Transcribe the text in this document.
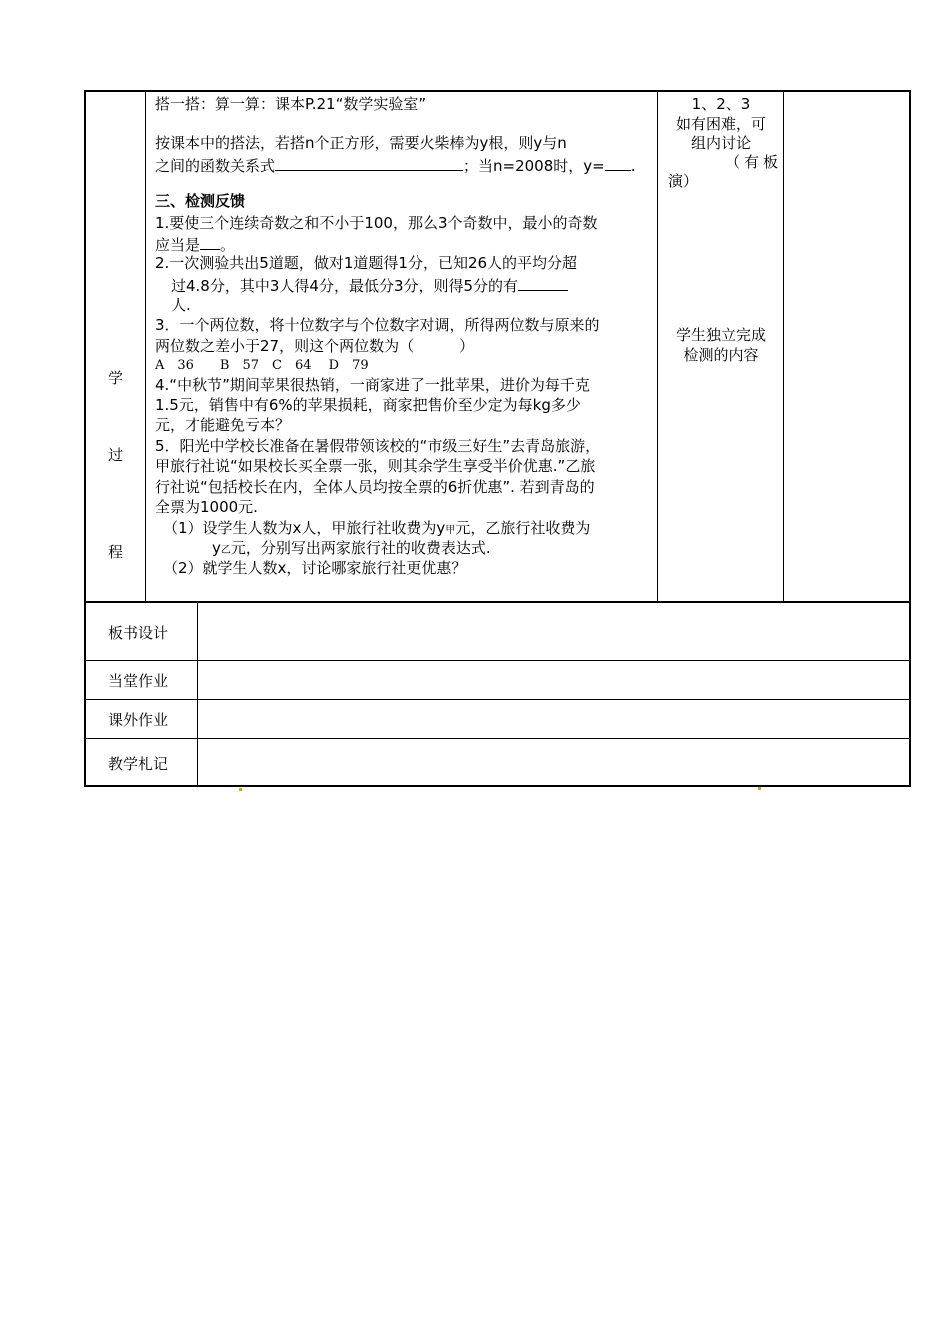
学
过
程
搭一搭：算一算：课本P.21“数学实验室”
按课本中的搭法，若搭n个正方形，需要火柴棒为y根，则y与n
之间的函数关系式	；当n=2008时，y= .
三、检测反馈
1.要使三个连续奇数之和不小于100，那么3个奇数中，最小的奇数
应当是 。
2.一次测验共出5道题，做对1道题得1分，已知26人的平均分超
过4.8分，其中3人得4分，最低分3分，则得5分的有
人.
3．一个两位数，将十位数字与个位数字对调，所得两位数与原来的
两位数之差小于27，则这个两位数为（　　　）
A　36　　B　57　C　64　 D　79
4.“中秋节”期间苹果很热销，一商家进了一批苹果，进价为每千克
1.5元，销售中有6%的苹果损耗，商家把售价至少定为每kg多少
元，才能避免亏本？
5．阳光中学校长准备在暑假带领该校的“市级三好生”去青岛旅游，
甲旅行社说“如果校长买全票一张，则其余学生享受半价优惠.”乙旅
行社说“包括校长在内，全体人员均按全票的6折优惠”. 若到青岛的
全票为1000元.
（1）设学生人数为x人，甲旅行社收费为y甲元，乙旅行社收费为
y乙元，分别写出两家旅行社的收费表达式.
（2）就学生人数x，讨论哪家旅行社更优惠？
1、2、3
如有困难，可
组内讨论
（有板
演）
学生独立完成
检测的内容
板书设计
当堂作业
课外作业
教学札记
